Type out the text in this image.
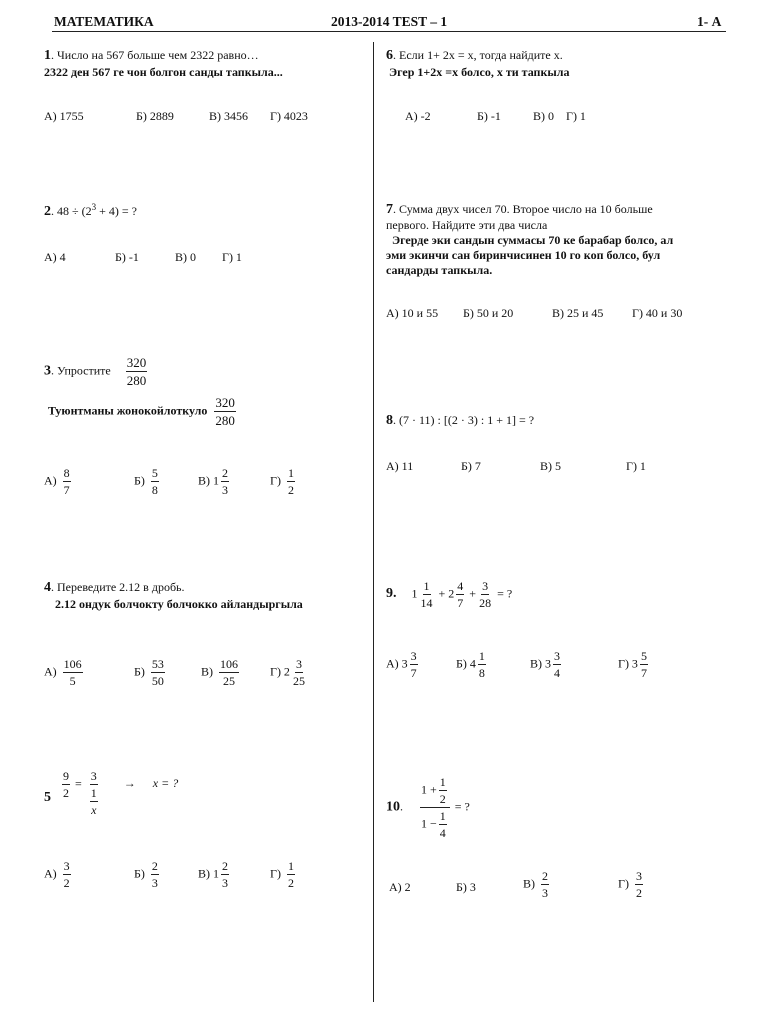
МАТЕМАТИКА	2013-2014 TEST – 1	1- А
1. Число на 567 больше чем 2322 равно…
2322 ден 567 ге чон болгон санды тапкыла...
А) 1755	Б) 2889	В) 3456 Г) 4023
2. $48 \div (2^3 + 4)$ = ?
А) 4	Б) -1	В) 0 Г) 1
3. Упростите $\frac{320}{280}$
Туюнтманы жонокойлоткуло $\frac{320}{280}$
$А) \frac{8}{7}$	$Б) \frac{5}{8}$	В) $1 \frac{2}{3}$	$Г) \frac{1}{2}$
4. Переведите 2.12 в дробь.
2.12 ондук болчокту болчокко айландыргыла
$А) \frac{106}{5}$	$Б) \frac{53}{50}$	$В) \frac{106}{25}$	Г) $2 \frac{3}{25}$
$\frac{9}{2} = \frac{3}{\frac{1}{x}} \to x$ = ?
5
$А) \frac{3}{2}$	$Б) \frac{2}{3}$	В) $1 \frac{2}{3}$	$Г) \frac{1}{2}$
6. Если 1+ 2x = x, тогда найдите x.
Эгер 1+2x =x болсо, x ти тапкыла
А) -2	Б) -1	В) 0 Г) 1
7. Сумма двух чисел 70. Второе число на 10 больше
первого. Найдите эти два числа
Эгерде эки сандын суммасы 70 ке барабар болсо, ал
эми экинчи сан биринчисинен 10 го коп болсо, бул
сандарды тапкыла.
А) 10 и 55 Б) 50 и 20	В) 25 и 45 Г) 40 и 30
8. (7 · 11) : [(2 · 3) : 1 + 1] = ?
А) 11	Б) 7	В) 5	Г) 1
9. $1 \frac{1}{14} + 2 \frac{4}{7} + \frac{3}{28}$ = ?
А) $3 \frac{3}{7}$	Б) $4 \frac{1}{8}$	В) $3 \frac{3}{4}$	Г) $3 \frac{5}{7}$
10. $\frac{1 + \frac{1}{2}}{1 - \frac{1}{4}}$ = ?
А) 2	Б) 3	$В) \frac{2}{3}$	$Г) \frac{3}{2}$
